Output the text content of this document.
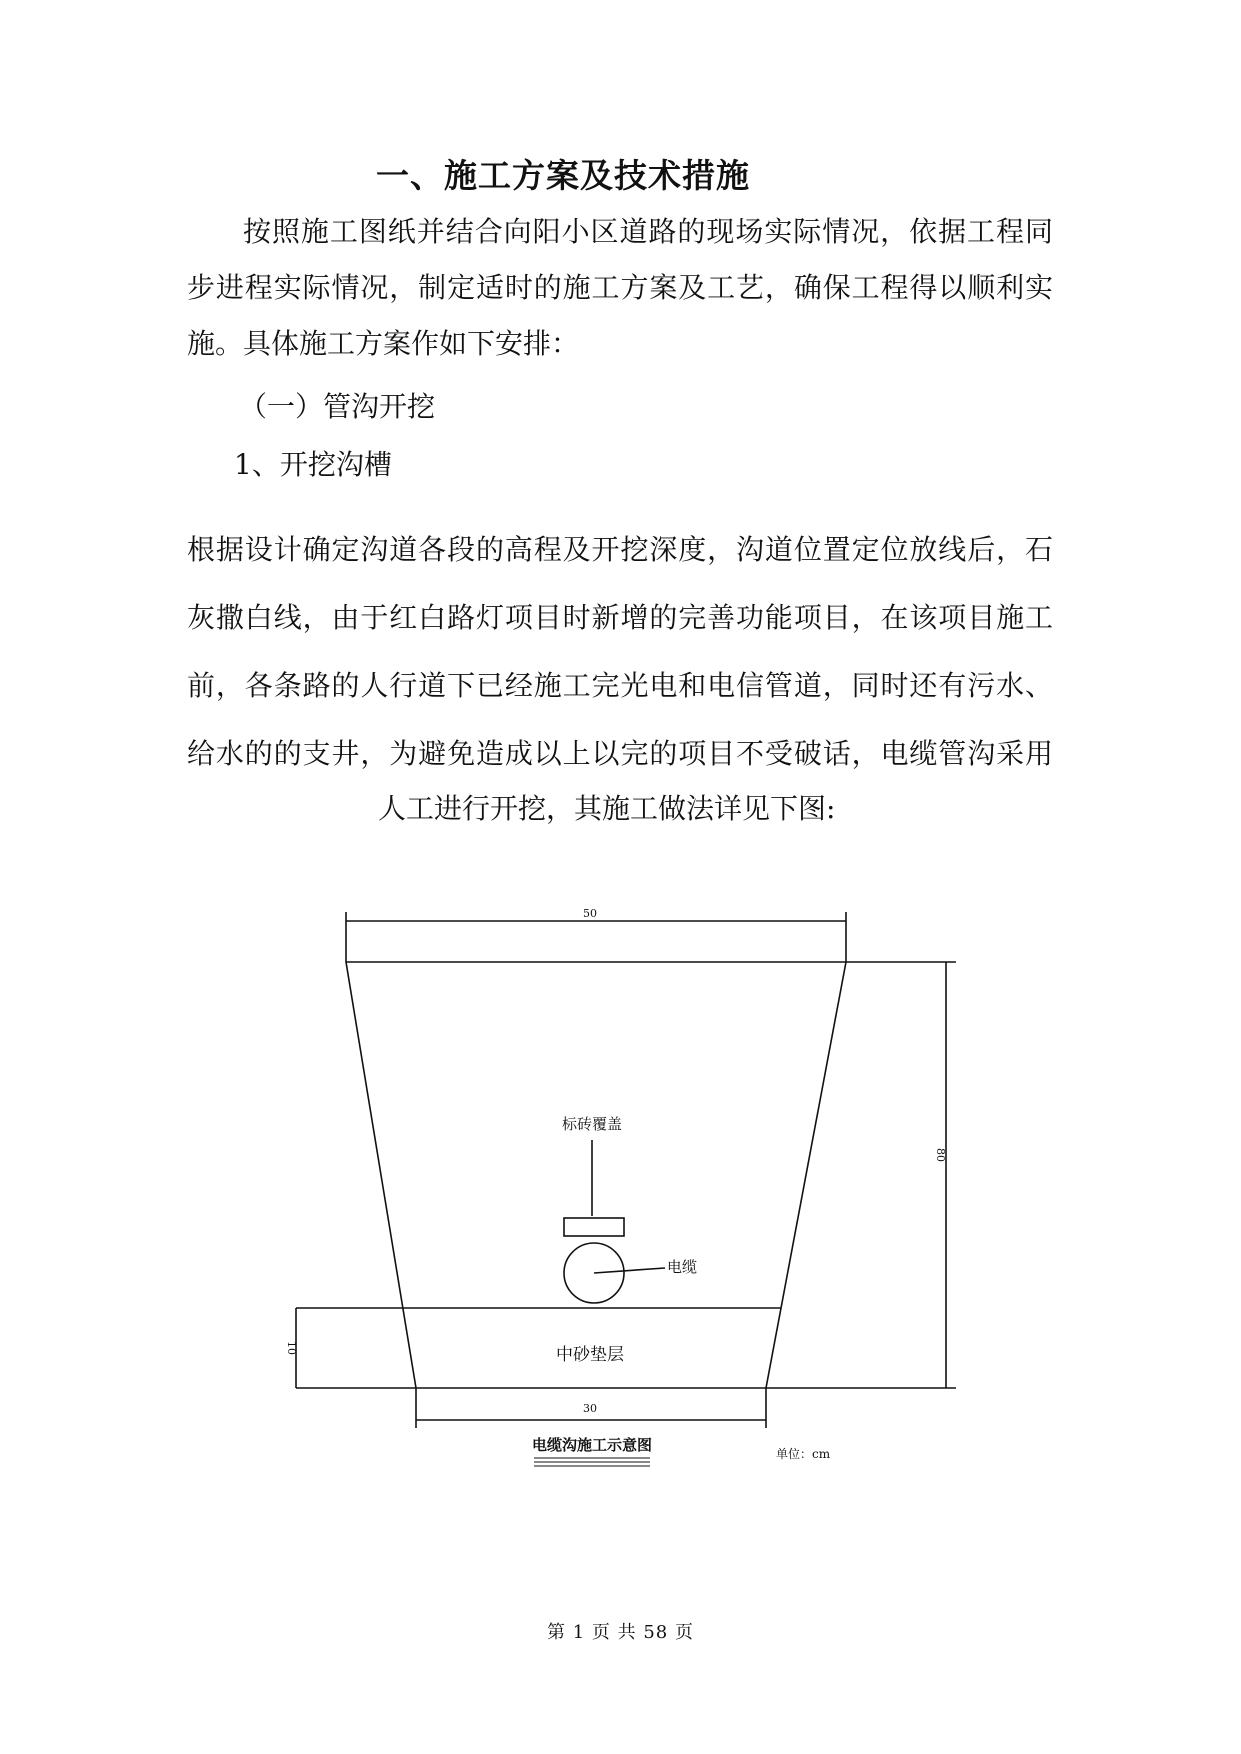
一、施工方案及技术措施
按照施工图纸并结合向阳小区道路的现场实际情况，依据工程同步进程实际情况，制定适时的施工方案及工艺，确保工程得以顺利实施。具体施工方案作如下安排：
（一）管沟开挖
1、开挖沟槽
根据设计确定沟道各段的高程及开挖深度，沟道位置定位放线后，石灰撒白线，由于红白路灯项目时新增的完善功能项目，在该项目施工前，各条路的人行道下已经施工完光电和电信管道，同时还有污水、给水的的支井，为避免造成以上以完的项目不受破话，电缆管沟采用
人工进行开挖，其施工做法详见下图:
50
10
80
30
标砖覆盖
电缆
中砂垫层
电缆沟施工示意图	单位：cm
第 1 页 共 58 页
